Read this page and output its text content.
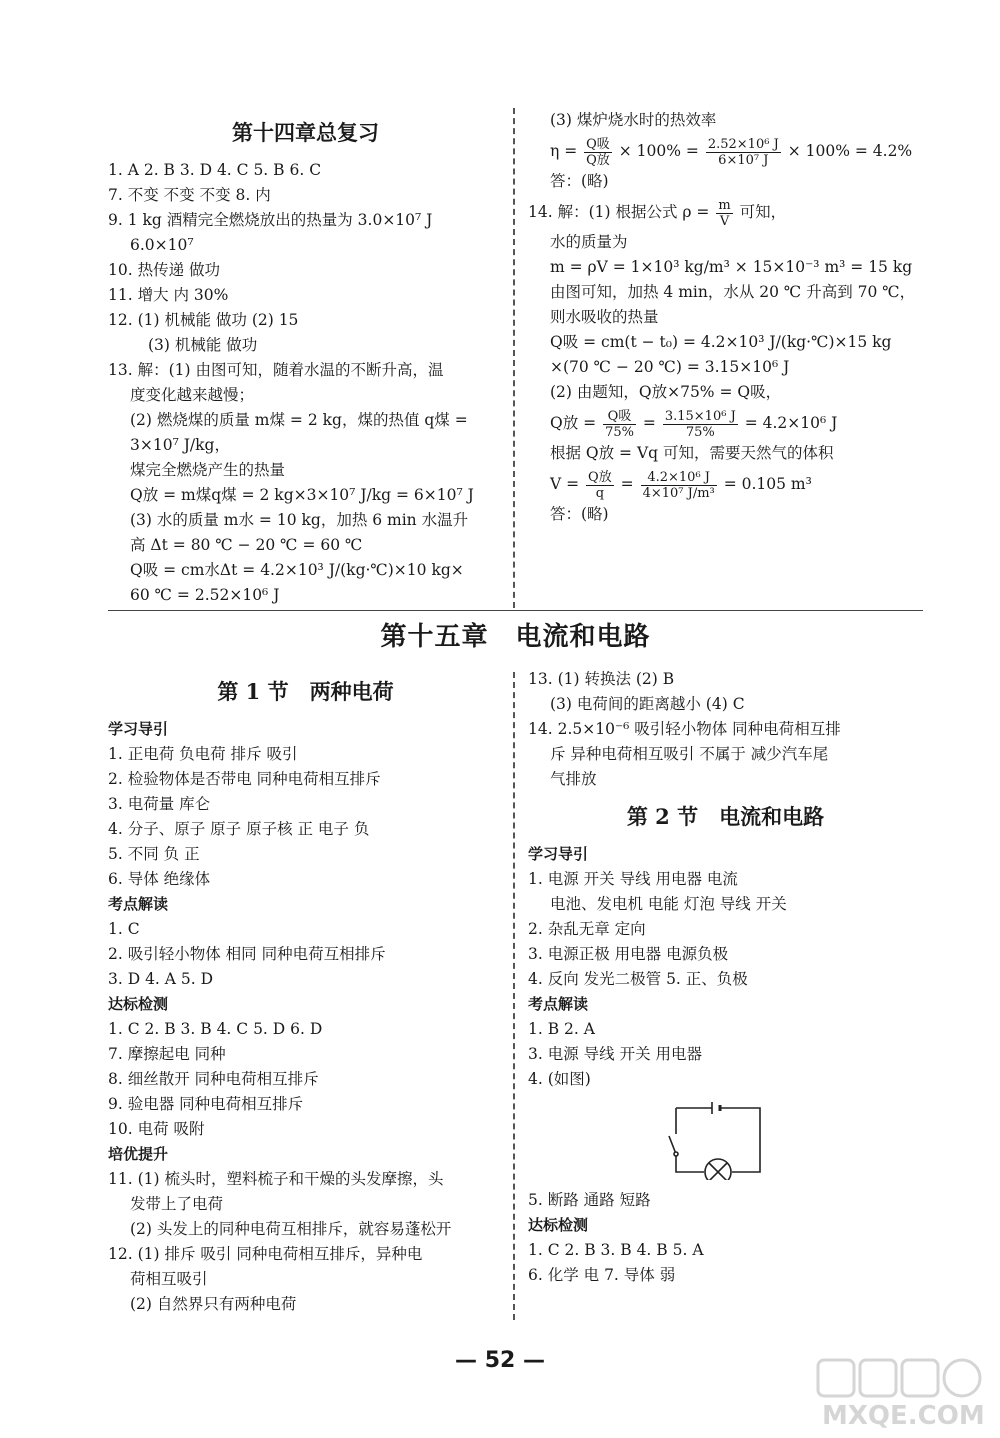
第十四章总复习
1. A 2. B 3. D 4. C 5. B 6. C
7. 不变 不变 不变 8. 内
9. 1 kg 酒精完全燃烧放出的热量为 3.0×10⁷ J
6.0×10⁷
10. 热传递 做功
11. 增大 内 30%
12. (1) 机械能 做功 (2) 15
(3) 机械能 做功
13. 解：(1) 由图可知，随着水温的不断升高，温
度变化越来越慢；
(2) 燃烧煤的质量 m煤 = 2 kg，煤的热值 q煤 =
3×10⁷ J/kg，
煤完全燃烧产生的热量
Q放 = m煤q煤 = 2 kg×3×10⁷ J/kg = 6×10⁷ J
(3) 水的质量 m水 = 10 kg，加热 6 min 水温升
高 Δt = 80 ℃ − 20 ℃ = 60 ℃
Q吸 = cm水Δt = 4.2×10³ J/(kg·℃)×10 kg×
60 ℃ = 2.52×10⁶ J
(3) 煤炉烧水时的热效率
$\eta = \frac{\text{Q吸}}{\text{Q放}} \times 100\% = \frac{\text{2.52×10⁶ J}}{\text{6×10⁷ J}} \times 100\% = 4.2\%$
答：(略)
14. 解：(1) 根据公式 $\rho = \frac{m}{V}$ 可知，
水的质量为
m = ρV = 1×10³ kg/m³ × 15×10⁻³ m³ = 15 kg
由图可知，加热 4 min，水从 20 ℃ 升高到 70 ℃，
则水吸收的热量
Q吸 = cm(t − t₀) = 4.2×10³ J/(kg·℃)×15 kg
×(70 ℃ − 20 ℃) = 3.15×10⁶ J
(2) 由题知，Q放×75% = Q吸，
Q放 = $\frac{\text{Q吸}}{75\%} = \frac{\text{3.15×10⁶ J}}{75\%} = 4.2\times 10^6$ J
根据 Q放 = Vq 可知，需要天然气的体积
$V = \frac{\text{Q放}}{q} = \frac{\text{4.2×10⁶ J}}{\text{4×10⁷ J/m³}} = 0.105$ m³
答：(略)
第十五章　电流和电路
第 1 节　两种电荷
学习导引
1. 正电荷 负电荷 排斥 吸引
2. 检验物体是否带电 同种电荷相互排斥
3. 电荷量 库仑
4. 分子、原子 原子 原子核 正 电子 负
5. 不同 负 正
6. 导体 绝缘体
考点解读
1. C
2. 吸引轻小物体 相同 同种电荷互相排斥
3. D 4. A 5. D
达标检测
1. C 2. B 3. B 4. C 5. D 6. D
7. 摩擦起电 同种
8. 细丝散开 同种电荷相互排斥
9. 验电器 同种电荷相互排斥
10. 电荷 吸附
培优提升
11. (1) 梳头时，塑料梳子和干燥的头发摩擦，头
发带上了电荷
(2) 头发上的同种电荷互相排斥，就容易蓬松开
12. (1) 排斥 吸引 同种电荷相互排斥，异种电
荷相互吸引
(2) 自然界只有两种电荷
13. (1) 转换法 (2) B
(3) 电荷间的距离越小 (4) C
14. 2.5×10⁻⁶ 吸引轻小物体 同种电荷相互排
斥 异种电荷相互吸引 不属于 减少汽车尾
气排放
第 2 节　电流和电路
学习导引
1. 电源 开关 导线 用电器 电流
电池、发电机 电能 灯泡 导线 开关
2. 杂乱无章 定向
3. 电源正极 用电器 电源负极
4. 反向 发光二极管 5. 正、负极
考点解读
1. B 2. A
3. 电源 导线 开关 用电器
4. (如图)
5. 断路 通路 短路
达标检测
1. C 2. B 3. B 4. B 5. A
6. 化学 电 7. 导体 弱
— 52 —
MXQE.COM
